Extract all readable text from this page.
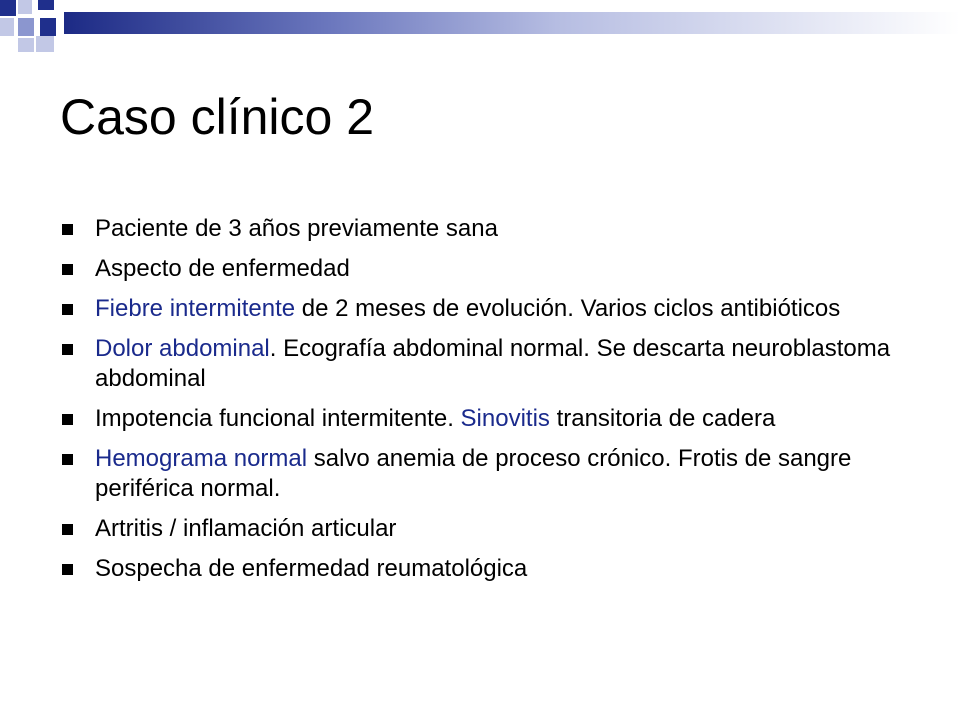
Caso clínico 2
Paciente de 3 años previamente sana
Aspecto de enfermedad
Fiebre intermitente de 2 meses de evolución. Varios ciclos antibióticos
Dolor abdominal. Ecografía abdominal normal. Se descarta neuroblastoma abdominal
Impotencia funcional intermitente. Sinovitis transitoria de cadera
Hemograma normal salvo anemia de proceso crónico. Frotis de sangre periférica normal.
Artritis / inflamación articular
Sospecha de enfermedad reumatológica
